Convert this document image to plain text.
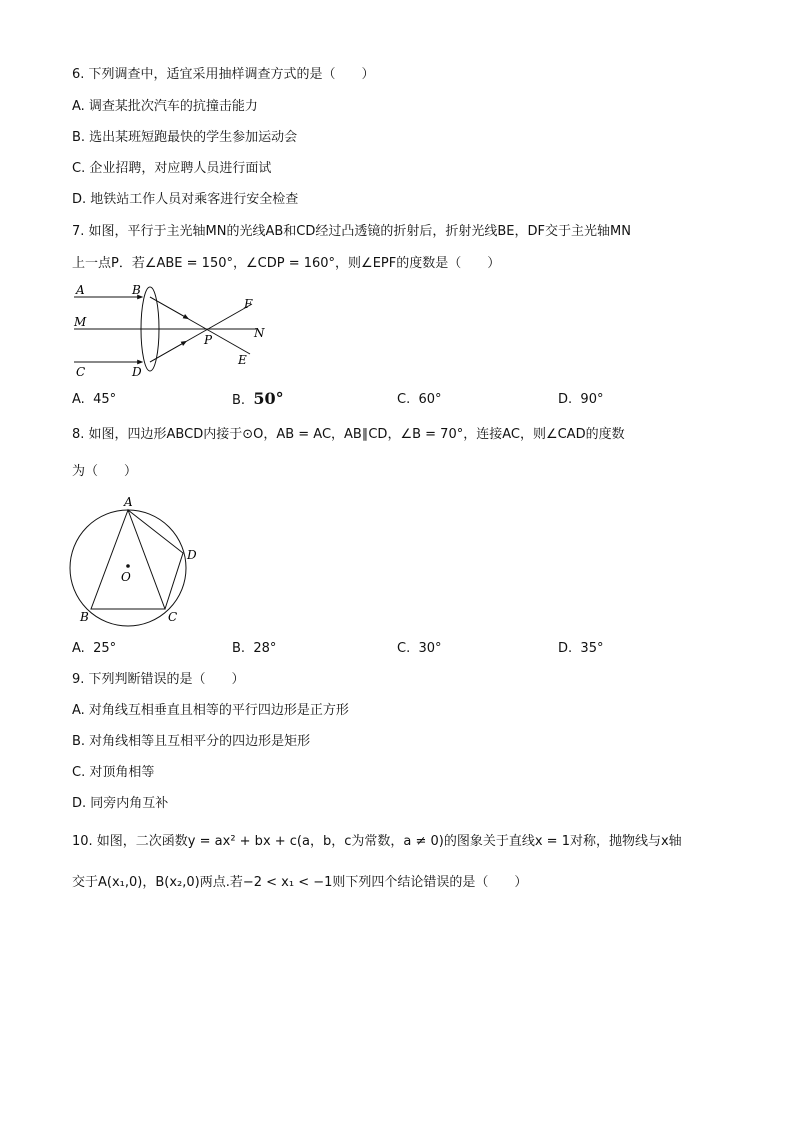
6. 下列调查中，适宜采用抽样调查方式的是（　　）
A. 调查某批次汽车的抗撞击能力
B. 选出某班短跑最快的学生参加运动会
C. 企业招聘，对应聘人员进行面试
D. 地铁站工作人员对乘客进行安全检查
7. 如图，平行于主光轴MN的光线AB和CD经过凸透镜的折射后，折射光线BE，DF交于主光轴MN
上一点P．若∠ABE = 150°，∠CDP = 160°，则∠EPF的度数是（　　）
A	B
M
C	D
F
N
P
E
A. 45°	B. 50°	C. 60°	D. 90°
8. 如图，四边形ABCD内接于⊙O，AB = AC，AB∥CD，∠B = 70°，连接AC，则∠CAD的度数
为（　　）
A
B	C
D
O
A. 25°	B. 28°	C. 30°	D. 35°
9. 下列判断错误的是（　　）
A. 对角线互相垂直且相等的平行四边形是正方形
B. 对角线相等且互相平分的四边形是矩形
C. 对顶角相等
D. 同旁内角互补
10. 如图，二次函数y = ax² + bx + c(a，b，c为常数，a ≠ 0)的图象关于直线x = 1对称，抛物线与x轴
交于A(x₁,0)，B(x₂,0)两点.若−2 < x₁ < −1则下列四个结论错误的是（　　）
